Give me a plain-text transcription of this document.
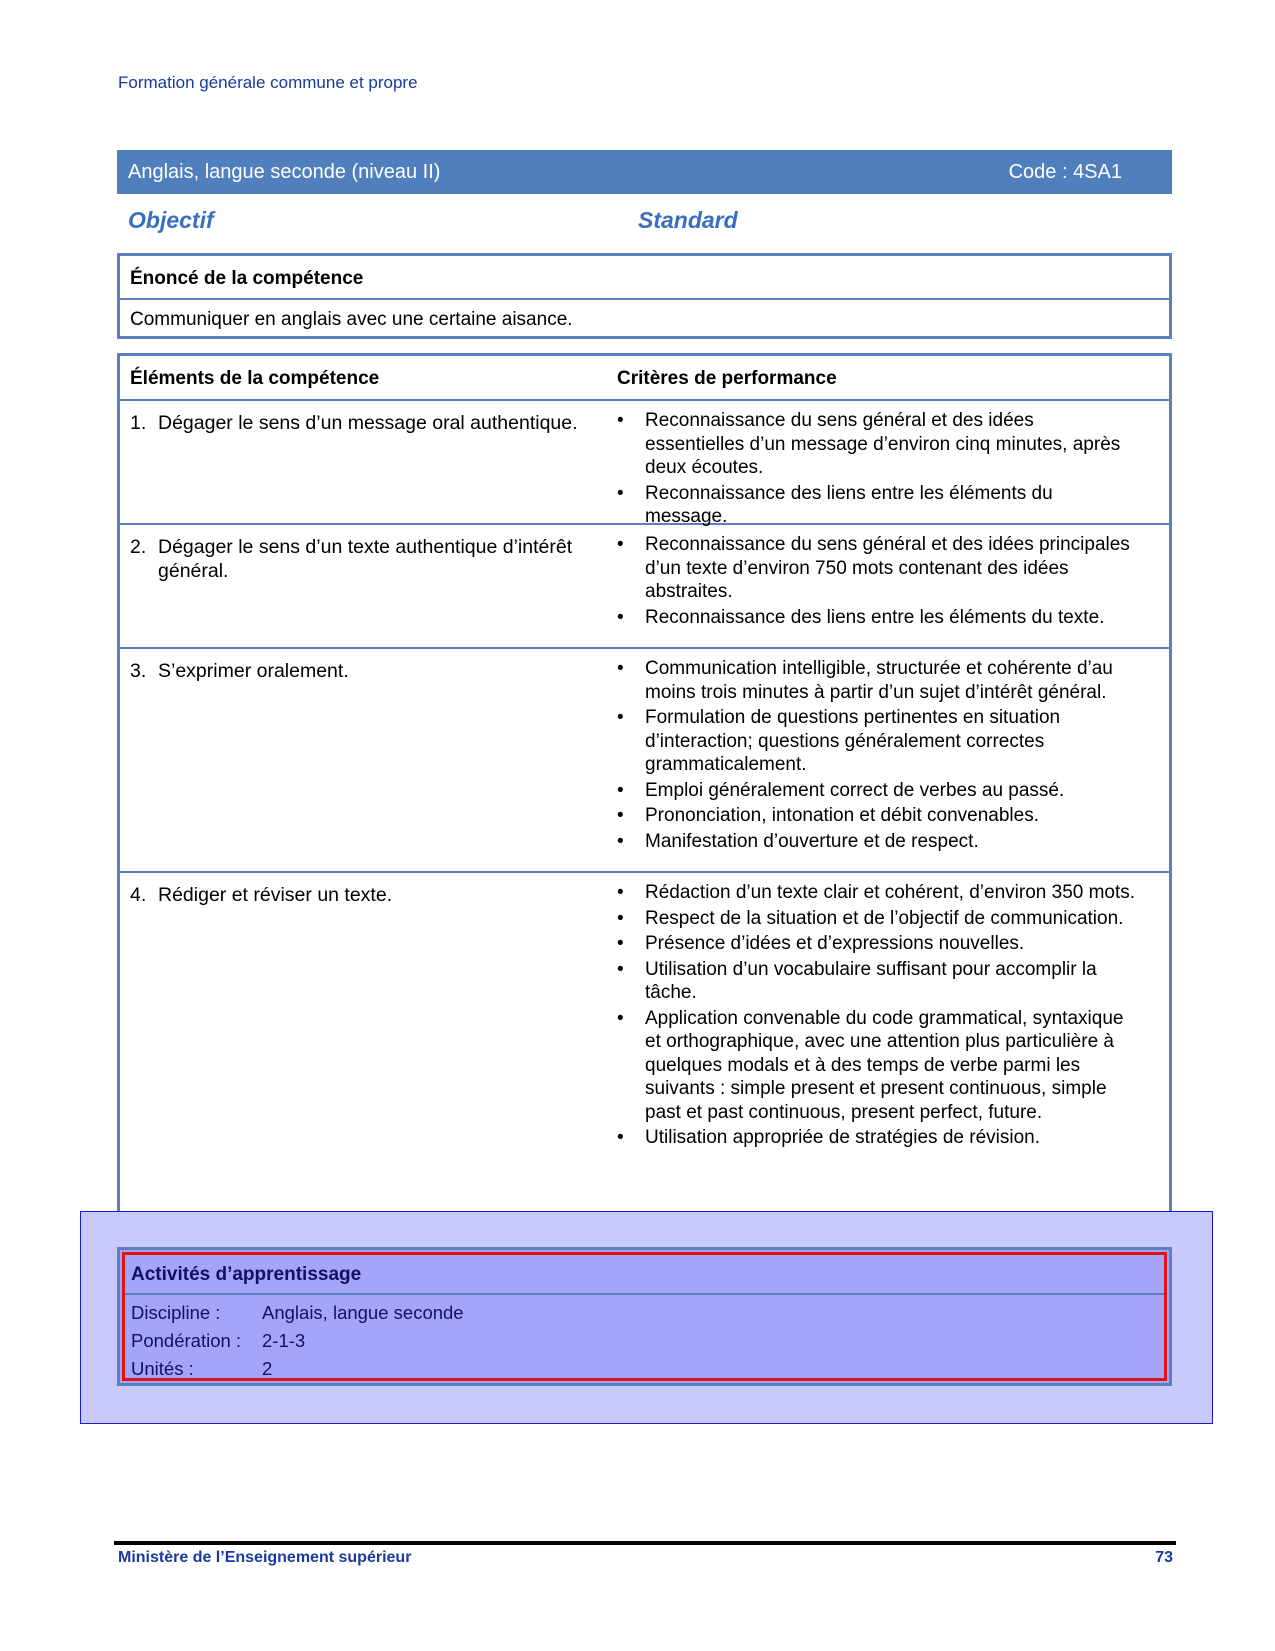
Formation générale commune et propre
Anglais, langue seconde (niveau II)	Code : 4SA1
Objectif	Standard
Énoncé de la compétence
Communiquer en anglais avec une certaine aisance.
Éléments de la compétence	Critères de performance
1. Dégager le sens d’un message oral authentique.	• Reconnaissance du sens général et des idées essentielles d’un message d’environ cinq minutes, après deux écoutes.
• Reconnaissance des liens entre les éléments du message.
2. Dégager le sens d’un texte authentique d’intérêt général.
• Reconnaissance du sens général et des idées principales d’un texte d’environ 750 mots contenant des idées abstraites.
• Reconnaissance des liens entre les éléments du texte.
3. S’exprimer oralement.	• Communication intelligible, structurée et cohérente d’au moins trois minutes à partir d’un sujet d’intérêt général.
• Formulation de questions pertinentes en situation d’interaction; questions généralement correctes grammaticalement.
• Emploi généralement correct de verbes au passé.
• Prononciation, intonation et débit convenables.
• Manifestation d’ouverture et de respect.
4. Rédiger et réviser un texte.	• Rédaction d’un texte clair et cohérent, d’environ 350 mots.
• Respect de la situation et de l’objectif de communication.
• Présence d’idées et d’expressions nouvelles.
• Utilisation d’un vocabulaire suffisant pour accomplir la tâche.
• Application convenable du code grammatical, syntaxique et orthographique, avec une attention plus particulière à quelques modals et à des temps de verbe parmi les suivants : simple present et present continuous, simple past et past continuous, present perfect, future.
• Utilisation appropriée de stratégies de révision.
Activités d’apprentissage
Discipline : Anglais, langue seconde
Pondération : 2-1-3
Unités :	2
Ministère de l’Enseignement supérieur	73
